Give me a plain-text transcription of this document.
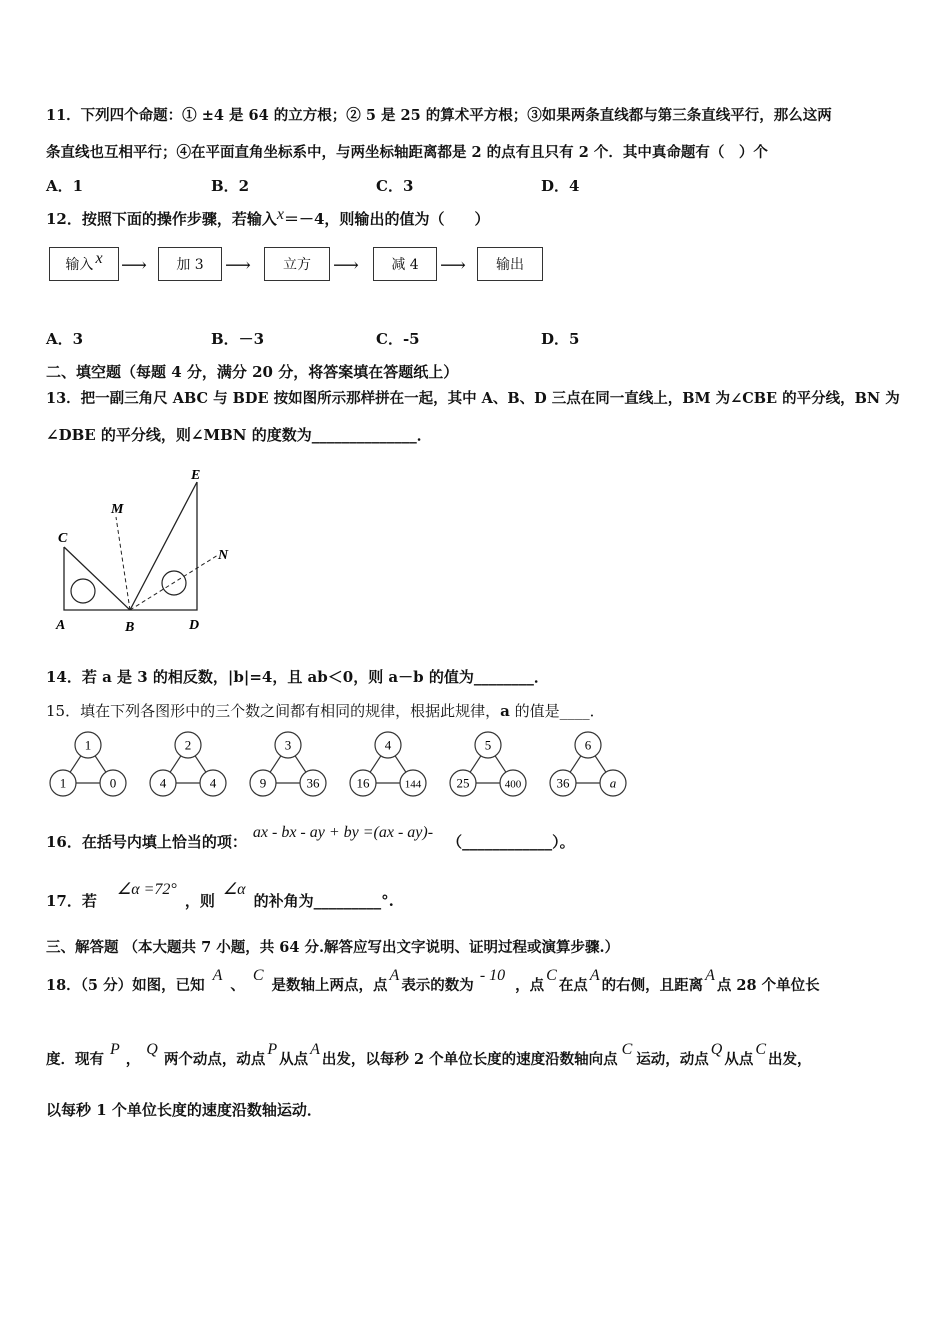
11．下列四个命题：① ±4 是 64 的立方根；② 5 是 25 的算术平方根；③如果两条直线都与第三条直线平行，那么这两
条直线也互相平行；④在平面直角坐标系中，与两坐标轴距离都是 2 的点有且只有 2 个．其中真命题有（　）个
A．1	B．2	C．3	D．4
12．按照下面的操作步骤，若输入x＝－4，则输出的值为（　　）
输入 x ⟶	加 3	⟶	立方	⟶	减 4	⟶	输出
A．3	B．－3	C．-5	D．5
二、填空题（每题 4 分，满分 20 分，将答案填在答题纸上）
13．把一副三角尺 ABC 与 BDE 按如图所示那样拼在一起，其中 A、B、D 三点在同一直线上，BM 为∠CBE 的平分线，BN 为
∠DBE 的平分线，则∠MBN 的度数为______________．
A	B
C
D
E
M
N
14．若 a 是 3 的相反数，|b|=4，且 ab＜0，则 a－b 的值为________．
15．填在下列各图形中的三个数之间都有相同的规律，根据此规律，a 的值是____．
1
1	0
2
4	4
3
9	36
4
16	144
5
25	400
6
36	a
16．在括号内填上恰当的项：ax - bx - ay + by =(ax - ay)-（____________）。
17．若∠α =72°，则∠α的补角为_________°.
三、解答题 （本大题共 7 小题，共 64 分.解答应写出文字说明、证明过程或演算步骤.）
18．（5 分）如图，已知A、C是数轴上两点，点A表示的数为- 10，点C在点A的右侧，且距离A点 28 个单位长
度．现有P，Q两个动点，动点P从点A出发，以每秒 2 个单位长度的速度沿数轴向点C运动，动点Q从点C出发，
以每秒 1 个单位长度的速度沿数轴运动．
